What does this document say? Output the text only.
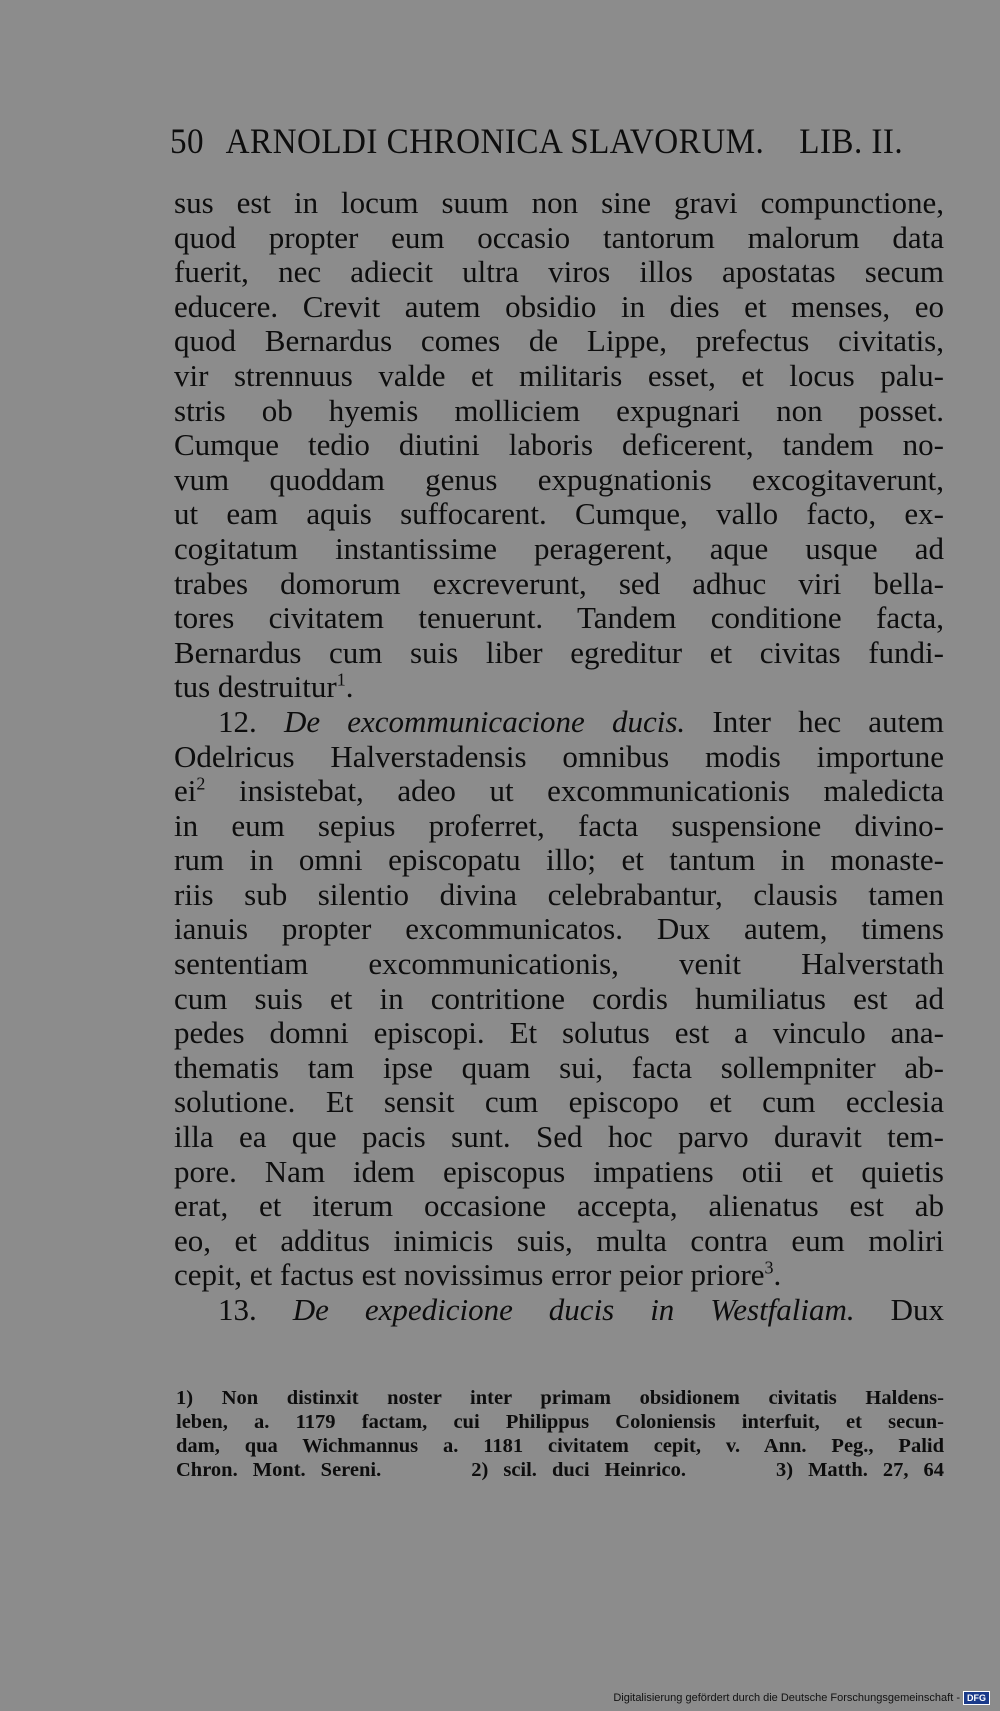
50 ARNOLDI CHRONICA SLAVORUM. LIB. II.
sus est in locum suum non sine gravi compunctione,
quod propter eum occasio tantorum malorum data
fuerit, nec adiecit ultra viros illos apostatas secum
educere. Crevit autem obsidio in dies et menses, eo
quod Bernardus comes de Lippe, prefectus civitatis,
vir strennuus valde et militaris esset, et locus palu-
stris ob hyemis molliciem expugnari non posset.
Cumque tedio diutini laboris deficerent, tandem no-
vum quoddam genus expugnationis excogitaverunt,
ut eam aquis suffocarent. Cumque, vallo facto, ex-
cogitatum instantissime peragerent, aque usque ad
trabes domorum excreverunt, sed adhuc viri bella-
tores civitatem tenuerunt. Tandem conditione facta,
Bernardus cum suis liber egreditur et civitas fundi-
tus destruitur$^1$.
12. De excommunicacione ducis. Inter hec autem
Odelricus Halverstadensis omnibus modis importune
$ei^2$ insistebat, adeo ut excommunicationis maledicta
in eum sepius proferret, facta suspensione divino-
rum in omni episcopatu illo; et tantum in monaste-
riis sub silentio divina celebrabantur, clausis tamen
ianuis propter excommunicatos. Dux autem, timens
sententiam excommunicationis, venit Halverstath
cum suis et in contritione cordis humiliatus est ad
pedes domni episcopi. Et solutus est a vinculo ana-
thematis tam ipse quam sui, facta sollempniter ab-
solutione. Et sensit cum episcopo et cum ecclesia
illa ea que pacis sunt. Sed hoc parvo duravit tem-
pore. Nam idem episcopus impatiens otii et quietis
erat, et iterum occasione accepta, alienatus est ab
eo, et additus inimicis suis, multa contra eum moliri
cepit, et factus est novissimus error peior priore$^3$.
13. De expedicione ducis in Westfaliam. Dux
1) Non distinxit noster inter primam obsidionem civitatis Haldens-
leben, a. 1179 factam, cui Philippus Coloniensis interfuit, et secun-
dam, qua Wichmannus a. 1181 civitatem cepit, v. Ann. Peg., Palid
Chron. Mont. Sereni.      2) scil. duci Heinrico.      3) Matth. 27, 64
Digitalisierung gefördert durch die Deutsche Forschungsgemeinschaft - DFG
